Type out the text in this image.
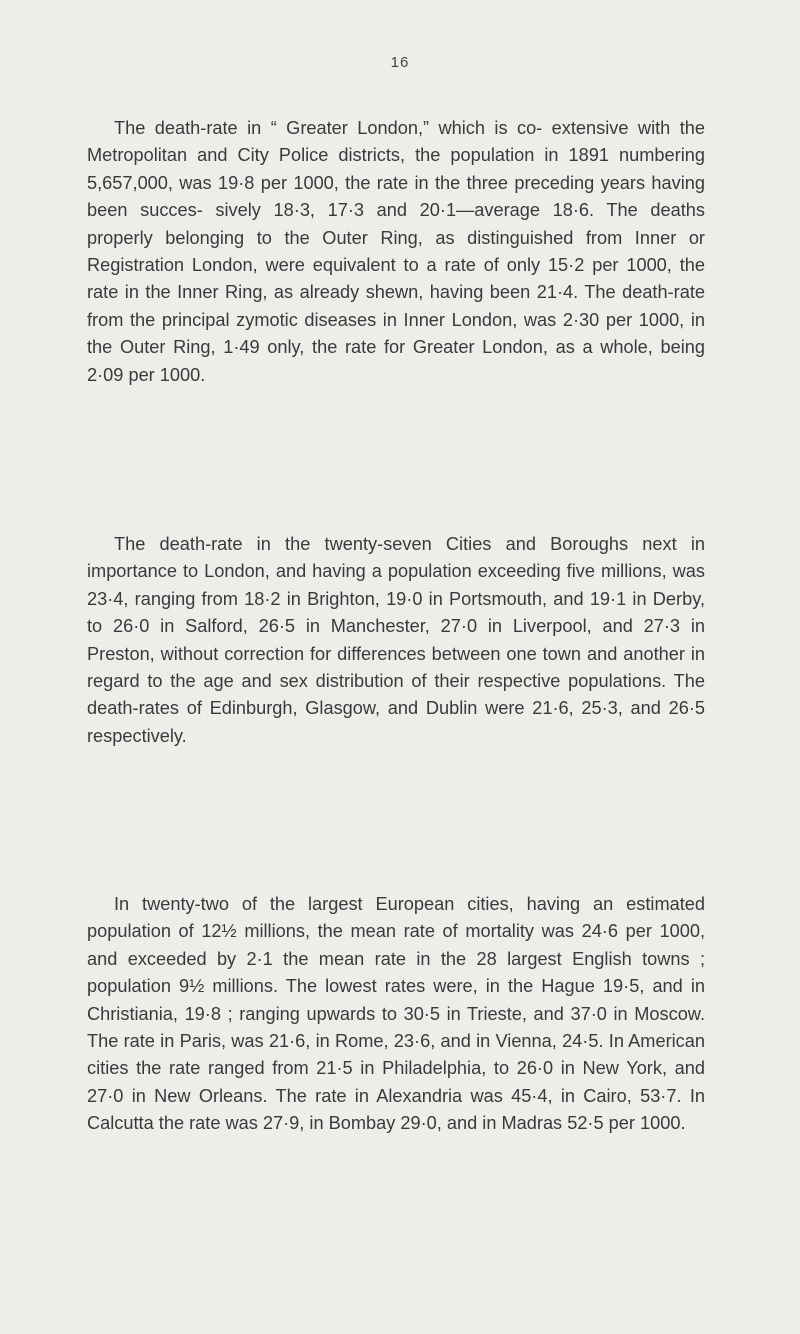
16

The death-rate in “ Greater London,” which is co- extensive with the Metropolitan and City Police districts, the population in 1891 numbering 5,657,000, was 19·8 per 1000, the rate in the three preceding years having been succes- sively 18·3, 17·3 and 20·1—average 18·6. The deaths properly belonging to the Outer Ring, as distinguished from Inner or Registration London, were equivalent to a rate of only 15·2 per 1000, the rate in the Inner Ring, as already shewn, having been 21·4. The death-rate from the principal zymotic diseases in Inner London, was 2·30 per 1000, in the Outer Ring, 1·49 only, the rate for Greater London, as a whole, being 2·09 per 1000.

The death-rate in the twenty-seven Cities and Boroughs next in importance to London, and having a population exceeding five millions, was 23·4, ranging from 18·2 in Brighton, 19·0 in Portsmouth, and 19·1 in Derby, to 26·0 in Salford, 26·5 in Manchester, 27·0 in Liverpool, and 27·3 in Preston, without correction for differences between one town and another in regard to the age and sex distribution of their respective populations. The death-rates of Edinburgh, Glasgow, and Dublin were 21·6, 25·3, and 26·5 respectively.

In twenty-two of the largest European cities, having an estimated population of 12½ millions, the mean rate of mortality was 24·6 per 1000, and exceeded by 2·1 the mean rate in the 28 largest English towns ; population 9½ millions. The lowest rates were, in the Hague 19·5, and in Christiania, 19·8 ; ranging upwards to 30·5 in Trieste, and 37·0 in Moscow. The rate in Paris, was 21·6, in Rome, 23·6, and in Vienna, 24·5. In American cities the rate ranged from 21·5 in Philadelphia, to 26·0 in New York, and 27·0 in New Orleans. The rate in Alexandria was 45·4, in Cairo, 53·7. In Calcutta the rate was 27·9, in Bombay 29·0, and in Madras 52·5 per 1000.
